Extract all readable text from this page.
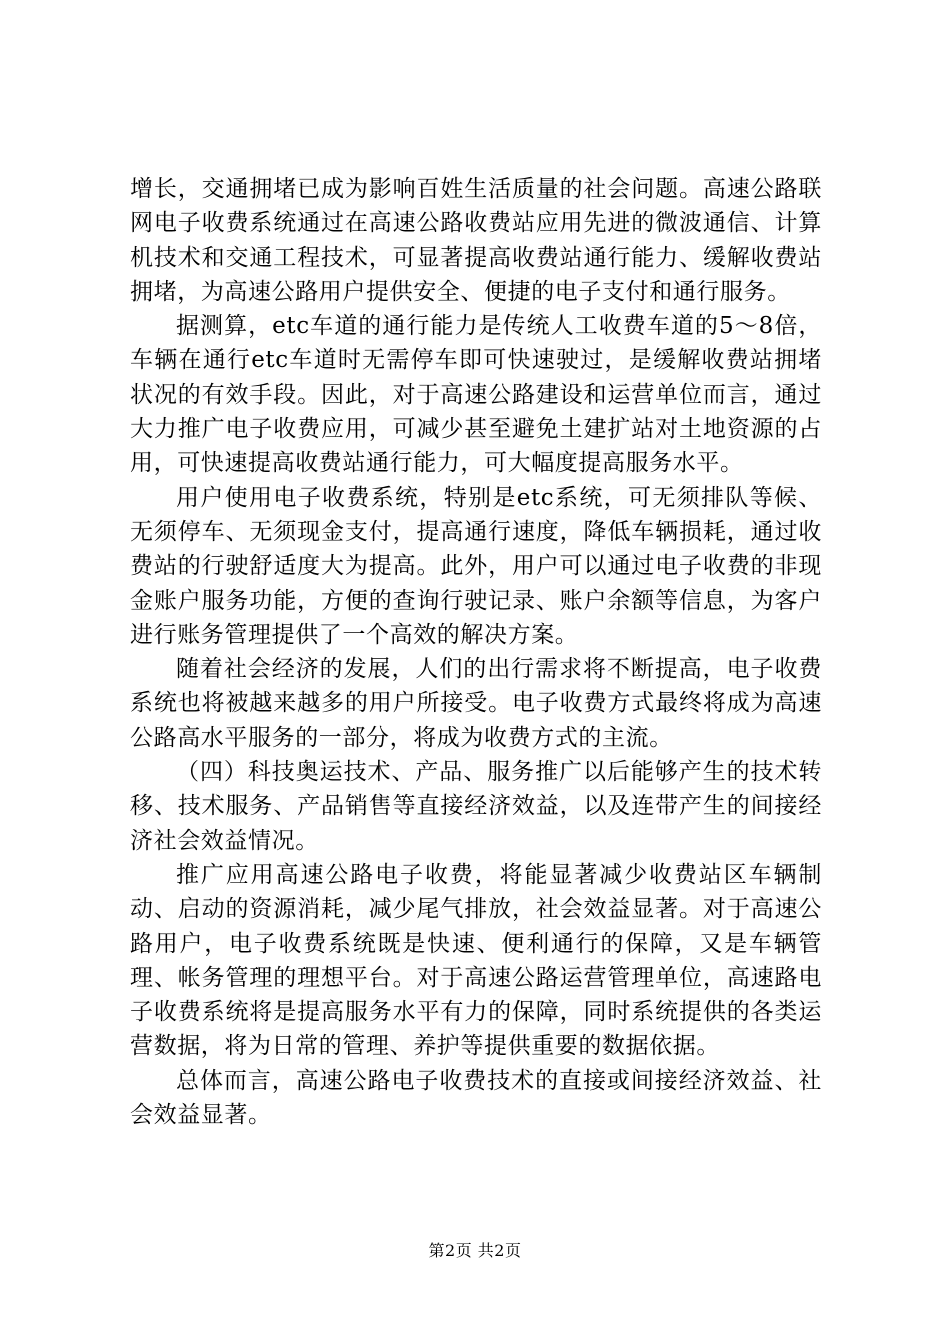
增长，交通拥堵已成为影响百姓生活质量的社会问题。高速公路联网电子收费系统通过在高速公路收费站应用先进的微波通信、计算机技术和交通工程技术，可显著提高收费站通行能力、缓解收费站拥堵，为高速公路用户提供安全、便捷的电子支付和通行服务。

据测算，etc车道的通行能力是传统人工收费车道的5～8倍，车辆在通行etc车道时无需停车即可快速驶过，是缓解收费站拥堵状况的有效手段。因此，对于高速公路建设和运营单位而言，通过大力推广电子收费应用，可减少甚至避免土建扩站对土地资源的占用，可快速提高收费站通行能力，可大幅度提高服务水平。

用户使用电子收费系统，特别是etc系统，可无须排队等候、无须停车、无须现金支付，提高通行速度，降低车辆损耗，通过收费站的行驶舒适度大为提高。此外，用户可以通过电子收费的非现金账户服务功能，方便的查询行驶记录、账户余额等信息，为客户进行账务管理提供了一个高效的解决方案。

随着社会经济的发展，人们的出行需求将不断提高，电子收费系统也将被越来越多的用户所接受。电子收费方式最终将成为高速公路高水平服务的一部分，将成为收费方式的主流。

（四）科技奥运技术、产品、服务推广以后能够产生的技术转移、技术服务、产品销售等直接经济效益，以及连带产生的间接经济社会效益情况。

推广应用高速公路电子收费，将能显著减少收费站区车辆制动、启动的资源消耗，减少尾气排放，社会效益显著。对于高速公路用户，电子收费系统既是快速、便利通行的保障，又是车辆管理、帐务管理的理想平台。对于高速公路运营管理单位，高速路电子收费系统将是提高服务水平有力的保障，同时系统提供的各类运营数据，将为日常的管理、养护等提供重要的数据依据。

总体而言，高速公路电子收费技术的直接或间接经济效益、社会效益显著。

第2页 共2页
